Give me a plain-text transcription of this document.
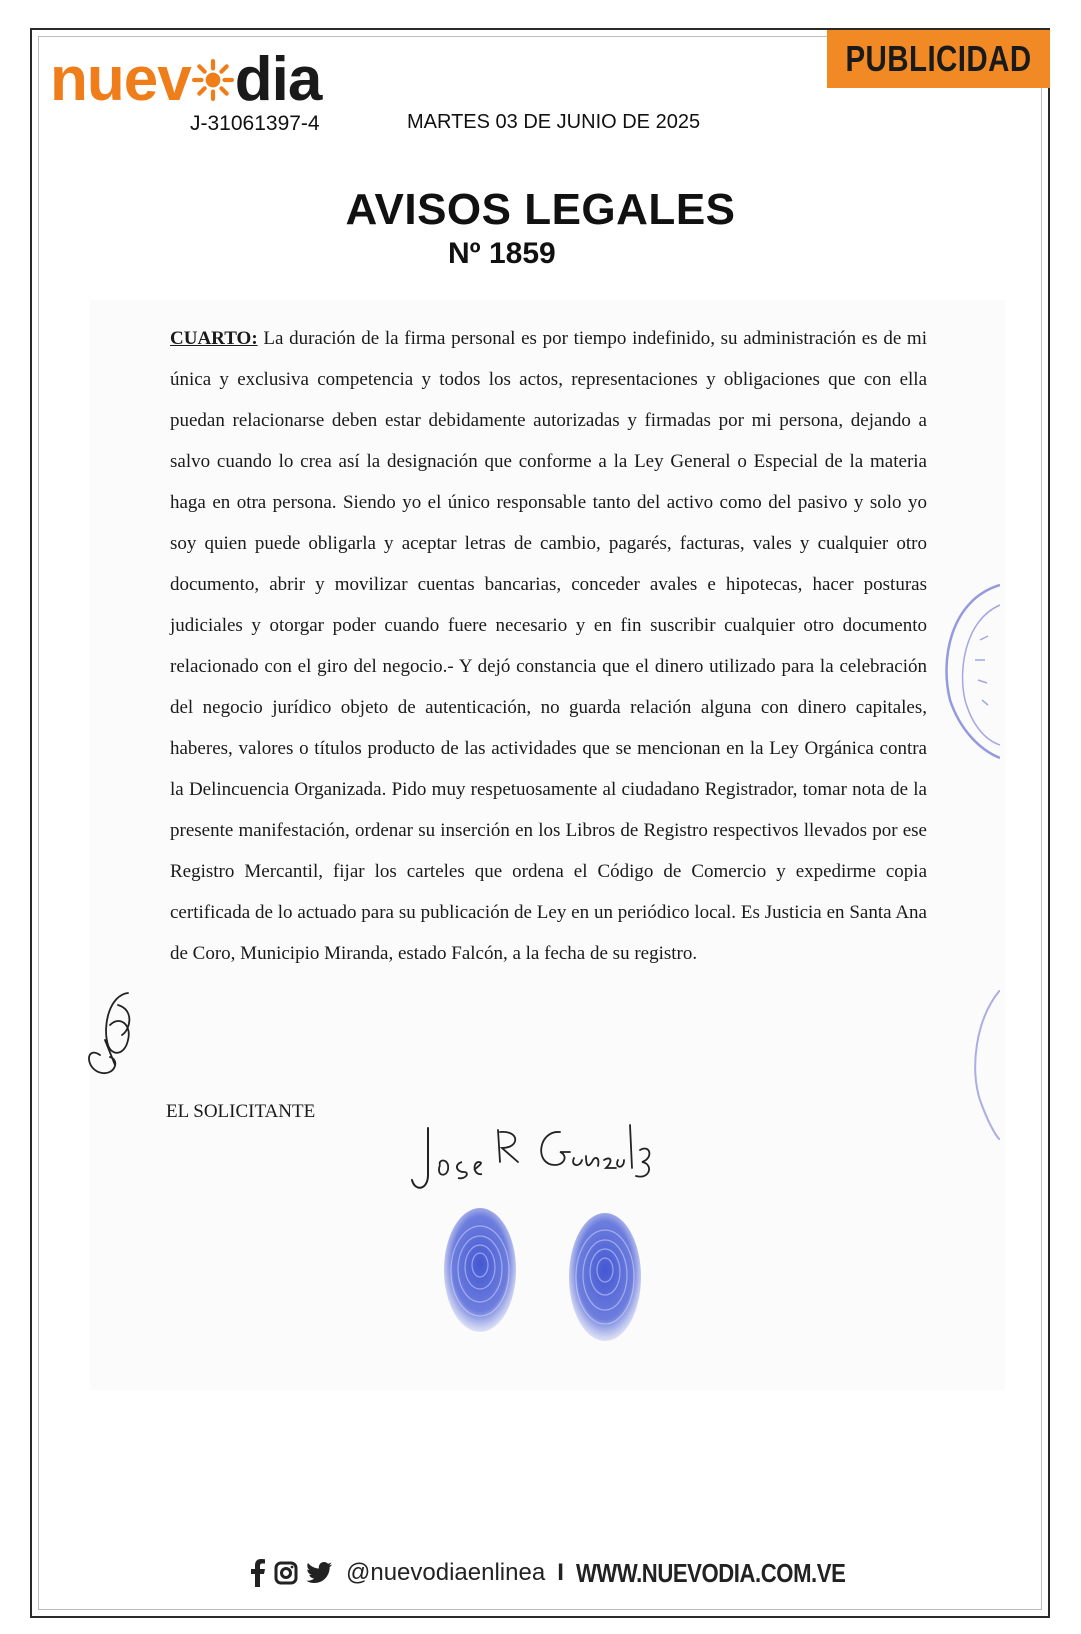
PUBLICIDAD
nuev dia
J-31061397-4	MARTES 03 DE JUNIO DE 2025
AVISOS LEGALES
Nº 1859
CUARTO: La duración de la firma personal es por tiempo indefinido, su administración es de mi única y exclusiva competencia y todos los actos, representaciones y obligaciones que con ella puedan relacionarse deben estar debidamente autorizadas y firmadas por mi persona, dejando a salvo cuando lo crea así la designación que conforme a la Ley General o Especial de la materia haga en otra persona. Siendo yo el único responsable tanto del activo como del pasivo y solo yo soy quien puede obligarla y aceptar letras de cambio, pagarés, facturas, vales y cualquier otro documento, abrir y movilizar cuentas bancarias, conceder avales e hipotecas, hacer posturas judiciales y otorgar poder cuando fuere necesario y en fin suscribir cualquier otro documento relacionado con el giro del negocio.- Y dejó constancia que el dinero utilizado para la celebración del negocio jurídico objeto de autenticación, no guarda relación alguna con dinero capitales, haberes, valores o títulos producto de las actividades que se mencionan en la Ley Orgánica contra la Delincuencia Organizada. Pido muy respetuosamente al ciudadano Registrador, tomar nota de la presente manifestación, ordenar su inserción en los Libros de Registro respectivos llevados por ese Registro Mercantil, fijar los carteles que ordena el Código de Comercio y expedirme copia certificada de lo actuado para su publicación de Ley en un periódico local. Es Justicia en Santa Ana de Coro, Municipio Miranda, estado Falcón, a la fecha de su registro.
EL SOLICITANTE
@nuevodiaenlinea I WWW.NUEVODIA.COM.VE
